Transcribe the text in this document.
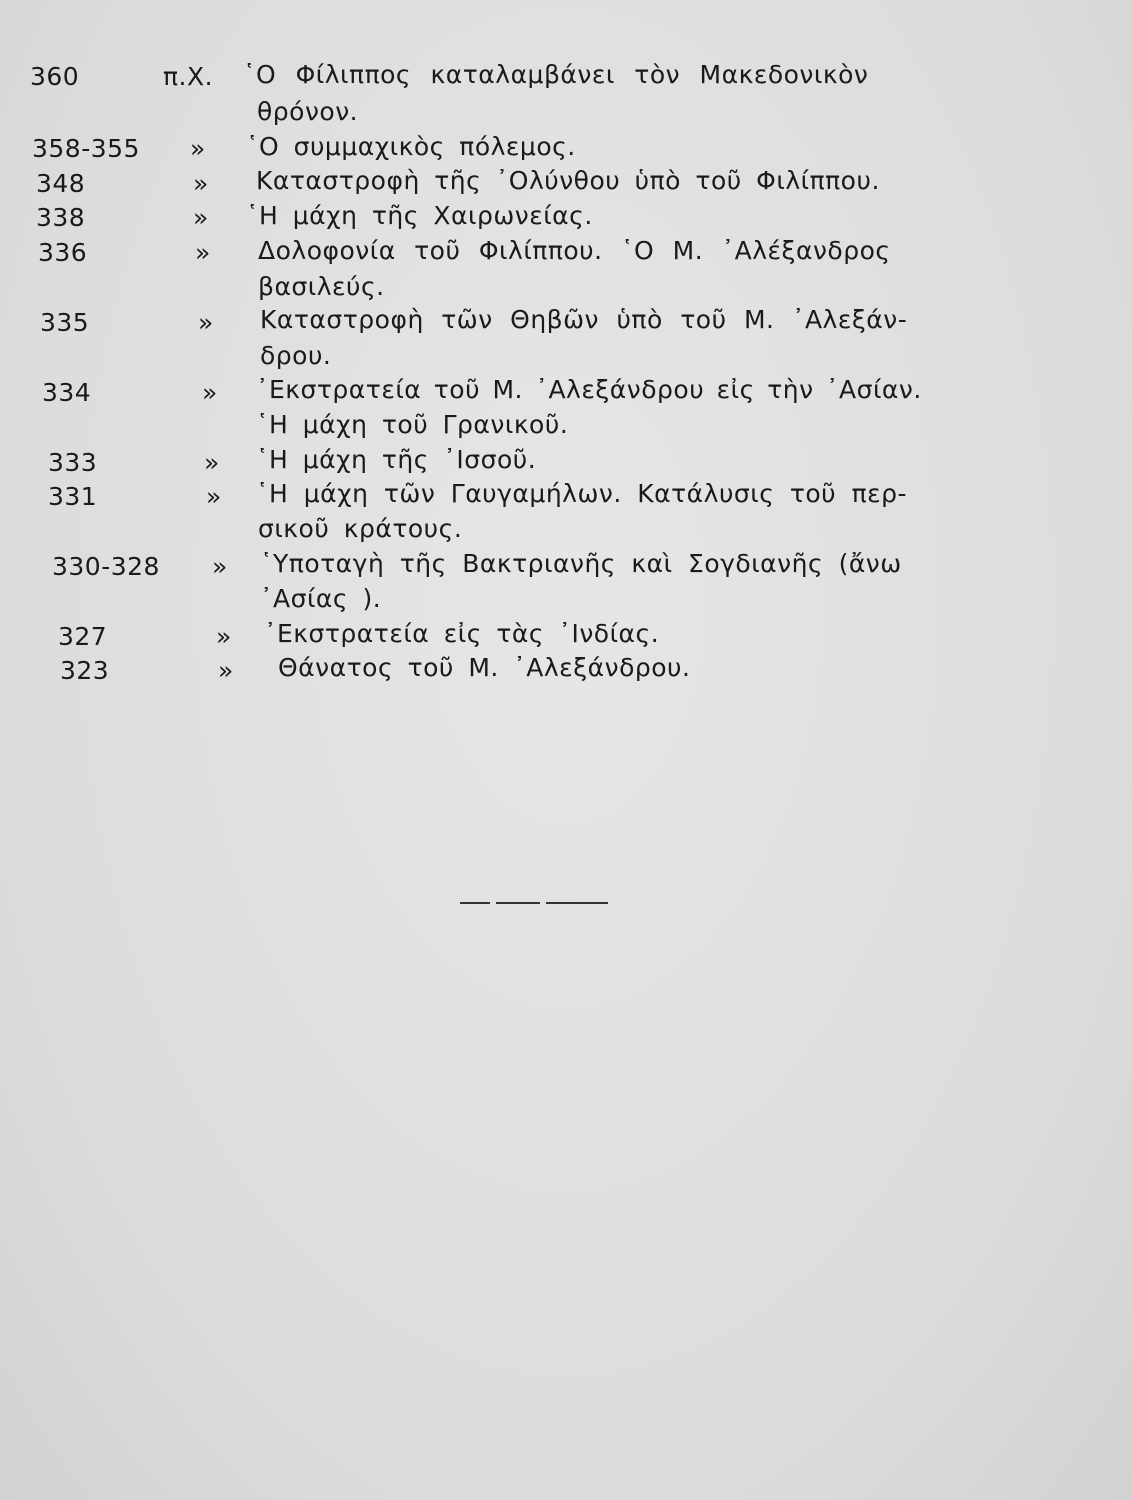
360	π.Χ. ῾Ο Φίλιππος καταλαμβάνει τὸν Μακεδονικὸν
θρόνον.
358-355 » ῾Ο συμμαχικὸς πόλεμος.
348	» Καταστροφὴ τῆς ᾿Ολύνθου ὑπὸ τοῦ Φιλίππου.
338	» ῾Η μάχη τῆς Χαιρωνείας.
336	» Δολοφονία τοῦ Φιλίππου. ῾Ο Μ. ᾿Αλέξανδρος
βασιλεύς.
335	» Καταστροφὴ τῶν Θηβῶν ὑπὸ τοῦ Μ. ᾿Αλεξάν-
δρου.
334	» ᾿Εκστρατεία τοῦ Μ. ᾿Αλεξάνδρου εἰς τὴν ᾿Ασίαν.
῾Η μάχη τοῦ Γρανικοῦ.
333	» ῾Η μάχη τῆς ᾿Ισσοῦ.
331	» ῾Η μάχη τῶν Γαυγαμήλων. Κατάλυσις τοῦ περ-
σικοῦ κράτους.
330-328 » ῾Υποταγὴ τῆς Βακτριανῆς καὶ Σογδιανῆς (ἄνω
᾿Ασίας ).
327	» ᾿Εκστρατεία εἰς τὰς ᾿Ινδίας.
323	» Θάνατος τοῦ Μ. ᾿Αλεξάνδρου.
